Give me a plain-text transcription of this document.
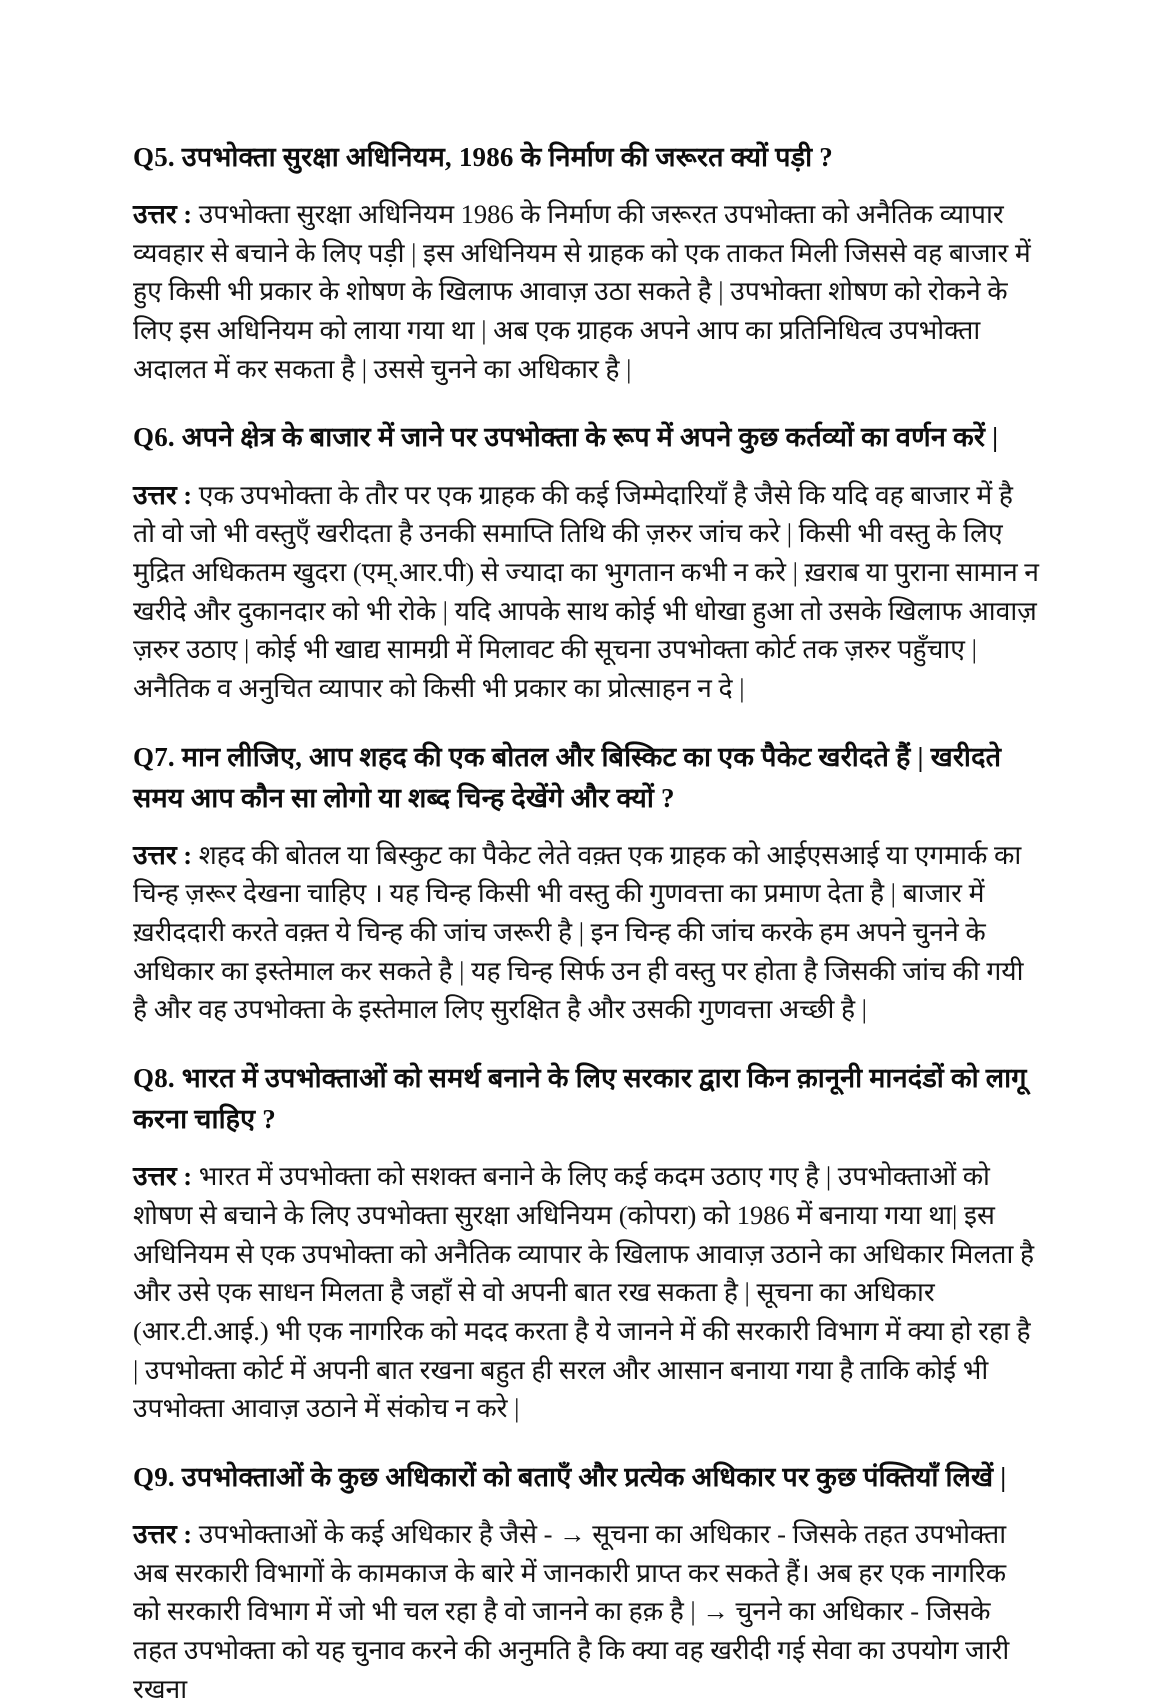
Q5. उपभोक्ता सुरक्षा अधिनियम, 1986 के निर्माण की जरूरत क्यों पड़ी ?

उत्तर : उपभोक्ता सुरक्षा अधिनियम 1986 के निर्माण की जरूरत उपभोक्ता को अनैतिक व्यापार व्यवहार से बचाने के लिए पड़ी | इस अधिनियम से ग्राहक को एक ताकत मिली जिससे वह बाजार में हुए किसी भी प्रकार के शोषण के खिलाफ आवाज़ उठा सकते है | उपभोक्ता शोषण को रोकने के लिए इस अधिनियम को लाया गया था | अब एक ग्राहक अपने आप का प्रतिनिधित्व उपभोक्ता अदालत में कर सकता है | उससे चुनने का अधिकार है |

Q6. अपने क्षेत्र के बाजार में जाने पर उपभोक्ता के रूप में अपने कुछ कर्तव्यों का वर्णन करें |

उत्तर : एक उपभोक्ता के तौर पर एक ग्राहक की कई जिम्मेदारियाँ है जैसे कि यदि वह बाजार में है तो वो जो भी वस्तुएँ खरीदता है उनकी समाप्ति तिथि की ज़रुर जांच करे | किसी भी वस्तु के लिए मुद्रित अधिकतम खुदरा (एम्.आर.पी) से ज्यादा का भुगतान कभी न करे | ख़राब या पुराना सामान न खरीदे और दुकानदार को भी रोके | यदि आपके साथ कोई भी धोखा हुआ तो उसके खिलाफ आवाज़ ज़रुर उठाए | कोई भी खाद्य सामग्री में मिलावट की सूचना उपभोक्ता कोर्ट तक ज़रुर पहुँचाए | अनैतिक व अनुचित व्यापार को किसी भी प्रकार का प्रोत्साहन न दे |

Q7. मान लीजिए, आप शहद की एक बोतल और बिस्किट का एक पैकेट खरीदते हैं | खरीदते समय आप कौन सा लोगो या शब्द चिन्ह देखेंगे और क्यों ?

उत्तर : शहद की बोतल या बिस्कुट का पैकेट लेते वक़्त एक ग्राहक को आईएसआई या एगमार्क का चिन्ह ज़रूर देखना चाहिए । यह चिन्ह किसी भी वस्तु की गुणवत्ता का प्रमाण देता है | बाजार में ख़रीददारी करते वक़्त ये चिन्ह की जांच जरूरी है | इन चिन्ह की जांच करके हम अपने चुनने के अधिकार का इस्तेमाल कर सकते है | यह चिन्ह सिर्फ उन ही वस्तु पर होता है जिसकी जांच की गयी है और वह उपभोक्ता के इस्तेमाल लिए सुरक्षित है और उसकी गुणवत्ता अच्छी है |

Q8. भारत में उपभोक्ताओं को समर्थ बनाने के लिए सरकार द्वारा किन क़ानूनी मानदंडों को लागू करना चाहिए ?

उत्तर : भारत में उपभोक्ता को सशक्त बनाने के लिए कई कदम उठाए गए है | उपभोक्ताओं को शोषण से बचाने के लिए उपभोक्ता सुरक्षा अधिनियम (कोपरा) को 1986 में बनाया गया था| इस अधिनियम से एक उपभोक्ता को अनैतिक व्यापार के खिलाफ आवाज़ उठाने का अधिकार मिलता है और उसे एक साधन मिलता है जहाँ से वो अपनी बात रख सकता है | सूचना का अधिकार (आर.टी.आई.) भी एक नागरिक को मदद करता है ये जानने में की सरकारी विभाग में क्या हो रहा है | उपभोक्ता कोर्ट में अपनी बात रखना बहुत ही सरल और आसान बनाया गया है ताकि कोई भी उपभोक्ता आवाज़ उठाने में संकोच न करे |

Q9. उपभोक्ताओं के कुछ अधिकारों को बताएँ और प्रत्येक अधिकार पर कुछ पंक्तियाँ लिखें |

उत्तर : उपभोक्ताओं के कई अधिकार है जैसे - → सूचना का अधिकार - जिसके तहत उपभोक्ता अब सरकारी विभागों के कामकाज के बारे में जानकारी प्राप्त कर सकते हैं। अब हर एक नागरिक को सरकारी विभाग में जो भी चल रहा है वो जानने का हक़ है | → चुनने का अधिकार - जिसके तहत उपभोक्ता को यह चुनाव करने की अनुमति है कि क्या वह खरीदी गई सेवा का उपयोग जारी रखना
